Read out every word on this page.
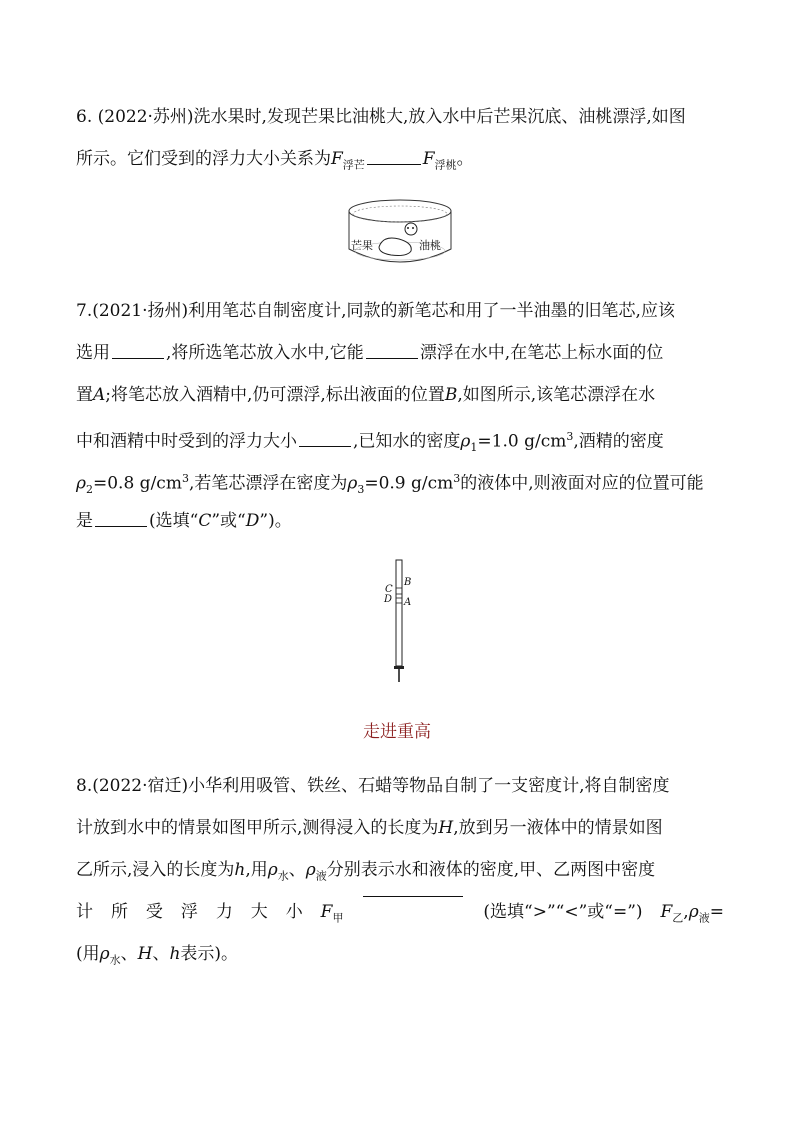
6. (2022·苏州)洗水果时,发现芒果比油桃大,放入水中后芒果沉底、油桃漂浮,如图
所示。它们受到的浮力大小关系为$F_{浮芒}$	$F_{浮桃}$。
芒果	油桃
7.(2021·扬州)利用笔芯自制密度计,同款的新笔芯和用了一半油墨的旧笔芯,应该
选用	,将所选笔芯放入水中,它能	漂浮在水中,在笔芯上标水面的位
置A;将笔芯放入酒精中,仍可漂浮,标出液面的位置B,如图所示,该笔芯漂浮在水
中和酒精中时受到的浮力大小	,已知水的密度$\rho_1=1.0$ $g/cm^3$,酒精的密度
$\rho_2=0.8$ $g/cm^3$,若笔芯漂浮在密度为$\rho_3=0.9$ $g/cm^3$的液体中,则液面对应的位置可能
是	(选填“C”或“D”)。
B
C
D A
走进重高
8.(2022·宿迁)小华利用吸管、铁丝、石蜡等物品自制了一支密度计,将自制密度
计放到水中的情景如图甲所示,测得浸入的长度为H,放到另一液体中的情景如图
乙所示,浸入的长度为h,用$\rho_水$、$\rho_液$分别表示水和液体的密度,甲、乙两图中密度
计 所 受 浮 力 大 小 $F_甲$	(选填“>”“<”或“=”) $F_乙,\rho_液=$
(用$\rho_水$、H、h表示)。
